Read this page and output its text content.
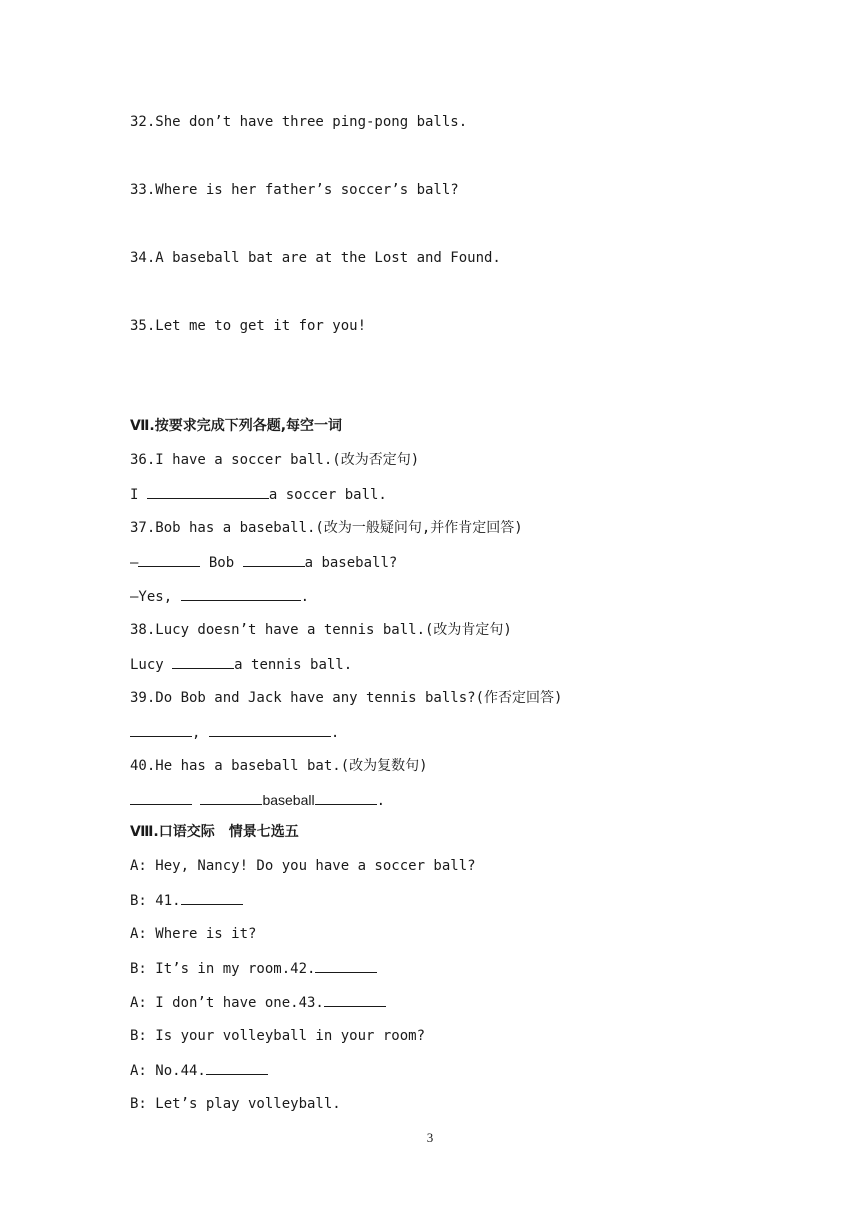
32.She don’t have three ping-pong balls.
33.Where is her father’s soccer’s ball?
34.A baseball bat are at the Lost and Found.
35.Let me to get it for you!
Ⅶ.按要求完成下列各题,每空一词
36.I have a soccer ball.(改为否定句)
I	a soccer ball.
37.Bob has a baseball.(改为一般疑问句,并作肯定回答)
—	Bob	a baseball?
—Yes,	.
38.Lucy doesn’t have a tennis ball.(改为肯定句)
Lucy	a tennis ball.
39.Do Bob and Jack have any tennis balls?(作否定回答)
,	.
40.He has a baseball bat.(改为复数句)
baseball	.
Ⅷ.口语交际　情景七选五
A: Hey, Nancy! Do you have a soccer ball?
B: 41.
A: Where is it?
B: It’s in my room.42.
A: I don’t have one.43.
B: Is your volleyball in your room?
A: No.44.
B: Let’s play volleyball.
3
